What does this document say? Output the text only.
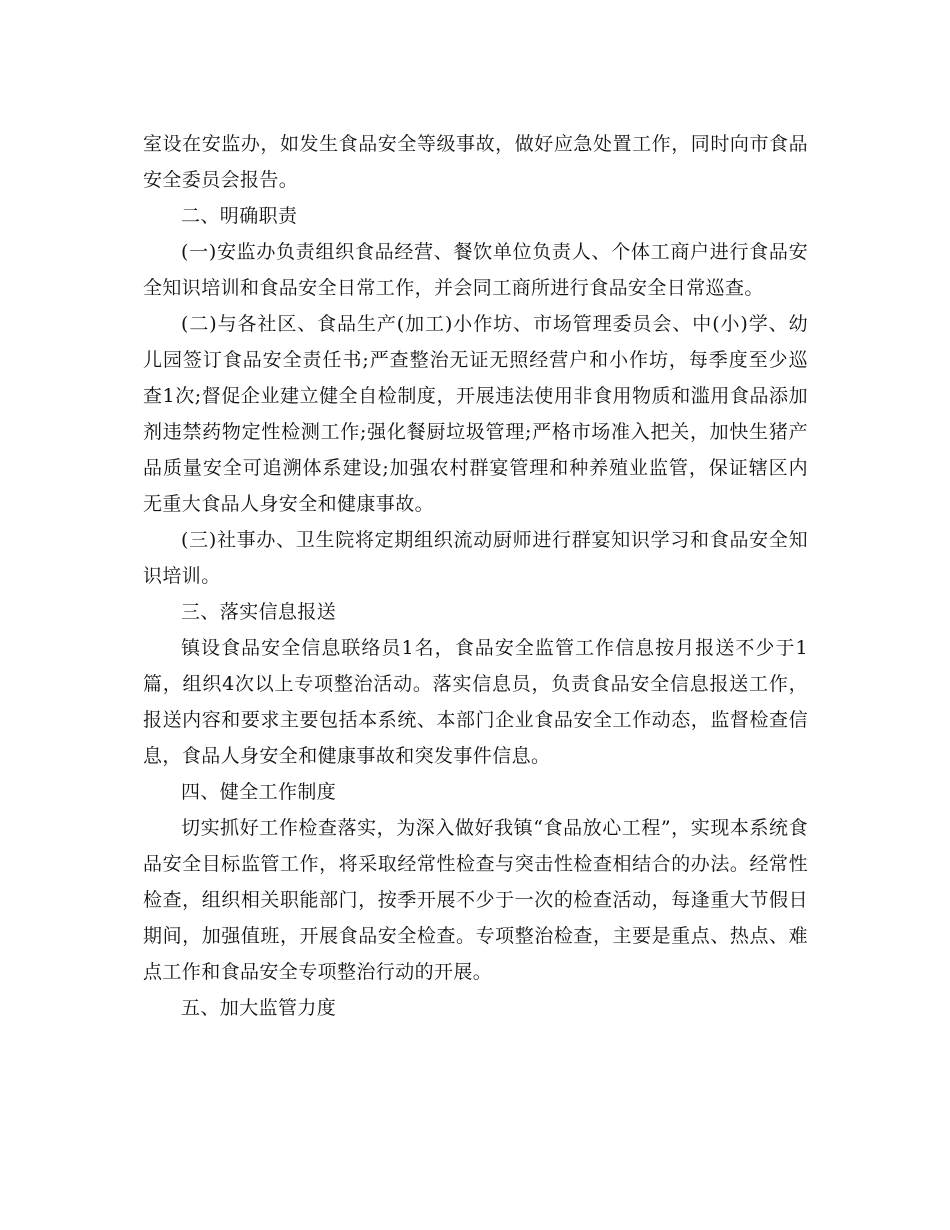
室设在安监办，如发生食品安全等级事故，做好应急处置工作，同时向市食品安全委员会报告。

二、明确职责

(一)安监办负责组织食品经营、餐饮单位负责人、个体工商户进行食品安全知识培训和食品安全日常工作，并会同工商所进行食品安全日常巡查。

(二)与各社区、食品生产(加工)小作坊、市场管理委员会、中(小)学、幼儿园签订食品安全责任书;严查整治无证无照经营户和小作坊，每季度至少巡查1次;督促企业建立健全自检制度，开展违法使用非食用物质和滥用食品添加剂违禁药物定性检测工作;强化餐厨垃圾管理;严格市场准入把关，加快生猪产品质量安全可追溯体系建设;加强农村群宴管理和种养殖业监管，保证辖区内无重大食品人身安全和健康事故。

(三)社事办、卫生院将定期组织流动厨师进行群宴知识学习和食品安全知识培训。

三、落实信息报送

镇设食品安全信息联络员1名，食品安全监管工作信息按月报送不少于1篇，组织4次以上专项整治活动。落实信息员，负责食品安全信息报送工作，报送内容和要求主要包括本系统、本部门企业食品安全工作动态，监督检查信息，食品人身安全和健康事故和突发事件信息。

四、健全工作制度

切实抓好工作检查落实，为深入做好我镇“食品放心工程”，实现本系统食品安全目标监管工作，将采取经常性检查与突击性检查相结合的办法。经常性检查，组织相关职能部门，按季开展不少于一次的检查活动，每逢重大节假日期间，加强值班，开展食品安全检查。专项整治检查，主要是重点、热点、难点工作和食品安全专项整治行动的开展。

五、加大监管力度
